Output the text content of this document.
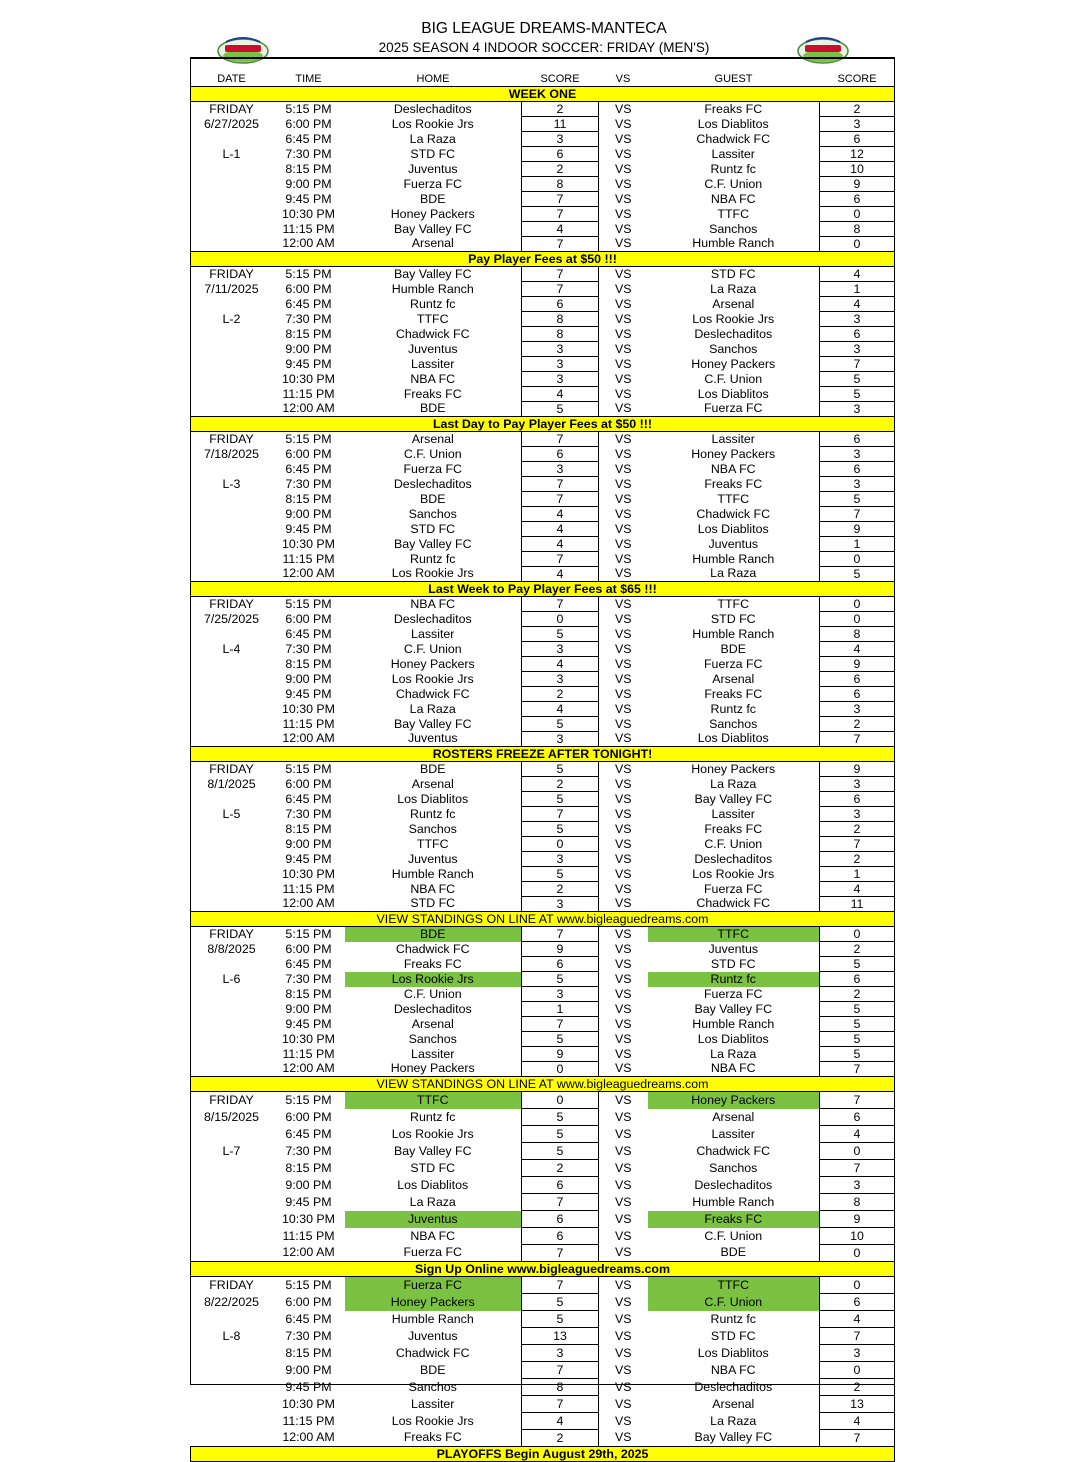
BIG LEAGUE DREAMS-MANTECA
2025 SEASON 4 INDOOR SOCCER: FRIDAY (MEN'S)
DATE	TIME	HOME	SCORE	VS	GUEST	SCORE
WEEK ONE						
FRIDAY	5:15 PM	Deslechaditos	2	VS	Freaks FC	2
6/27/2025	6:00 PM	Los Rookie Jrs	11	VS	Los Diablitos	3
	6:45 PM	La Raza	3	VS	Chadwick FC	6
L-1	7:30 PM	STD FC	6	VS	Lassiter	12
	8:15 PM	Juventus	2	VS	Runtz fc	10
	9:00 PM	Fuerza FC	8	VS	C.F. Union	9
	9:45 PM	BDE	7	VS	NBA FC	6
	10:30 PM	Honey Packers	7	VS	TTFC	0
	11:15 PM	Bay Valley FC	4	VS	Sanchos	8
	12:00 AM	Arsenal	7	VS	Humble Ranch	0
Pay Player Fees at $50 !!!						
FRIDAY	5:15 PM	Bay Valley FC	7	VS	STD FC	4
7/11/2025	6:00 PM	Humble Ranch	7	VS	La Raza	1
	6:45 PM	Runtz fc	6	VS	Arsenal	4
L-2	7:30 PM	TTFC	8	VS	Los Rookie Jrs	3
	8:15 PM	Chadwick FC	8	VS	Deslechaditos	6
	9:00 PM	Juventus	3	VS	Sanchos	3
	9:45 PM	Lassiter	3	VS	Honey Packers	7
	10:30 PM	NBA FC	3	VS	C.F. Union	5
	11:15 PM	Freaks FC	4	VS	Los Diablitos	5
	12:00 AM	BDE	5	VS	Fuerza FC	3
Last Day to Pay Player Fees at $50 !!!						
FRIDAY	5:15 PM	Arsenal	7	VS	Lassiter	6
7/18/2025	6:00 PM	C.F. Union	6	VS	Honey Packers	3
	6:45 PM	Fuerza FC	3	VS	NBA FC	6
L-3	7:30 PM	Deslechaditos	7	VS	Freaks FC	3
	8:15 PM	BDE	7	VS	TTFC	5
	9:00 PM	Sanchos	4	VS	Chadwick FC	7
	9:45 PM	STD FC	4	VS	Los Diablitos	9
	10:30 PM	Bay Valley FC	4	VS	Juventus	1
	11:15 PM	Runtz fc	7	VS	Humble Ranch	0
	12:00 AM	Los Rookie Jrs	4	VS	La Raza	5
Last Week to Pay Player Fees at $65 !!!						
FRIDAY	5:15 PM	NBA FC	7	VS	TTFC	0
7/25/2025	6:00 PM	Deslechaditos	0	VS	STD FC	0
	6:45 PM	Lassiter	5	VS	Humble Ranch	8
L-4	7:30 PM	C.F. Union	3	VS	BDE	4
	8:15 PM	Honey Packers	4	VS	Fuerza FC	9
	9:00 PM	Los Rookie Jrs	3	VS	Arsenal	6
	9:45 PM	Chadwick FC	2	VS	Freaks FC	6
	10:30 PM	La Raza	4	VS	Runtz fc	3
	11:15 PM	Bay Valley FC	5	VS	Sanchos	2
	12:00 AM	Juventus	3	VS	Los Diablitos	7
ROSTERS FREEZE AFTER TONIGHT!						
FRIDAY	5:15 PM	BDE	5	VS	Honey Packers	9
8/1/2025	6:00 PM	Arsenal	2	VS	La Raza	3
	6:45 PM	Los Diablitos	5	VS	Bay Valley FC	6
L-5	7:30 PM	Runtz fc	7	VS	Lassiter	3
	8:15 PM	Sanchos	5	VS	Freaks FC	2
	9:00 PM	TTFC	0	VS	C.F. Union	7
	9:45 PM	Juventus	3	VS	Deslechaditos	2
	10:30 PM	Humble Ranch	5	VS	Los Rookie Jrs	1
	11:15 PM	NBA FC	2	VS	Fuerza FC	4
	12:00 AM	STD FC	3	VS	Chadwick FC	11
VIEW STANDINGS ON LINE AT www.bigleaguedreams.com						
FRIDAY	5:15 PM	BDE	7	VS	TTFC	0
8/8/2025	6:00 PM	Chadwick FC	9	VS	Juventus	2
	6:45 PM	Freaks FC	6	VS	STD FC	5
L-6	7:30 PM	Los Rookie Jrs	5	VS	Runtz fc	6
	8:15 PM	C.F. Union	3	VS	Fuerza FC	2
	9:00 PM	Deslechaditos	1	VS	Bay Valley FC	5
	9:45 PM	Arsenal	7	VS	Humble Ranch	5
	10:30 PM	Sanchos	5	VS	Los Diablitos	5
	11:15 PM	Lassiter	9	VS	La Raza	5
	12:00 AM	Honey Packers	0	VS	NBA FC	7
VIEW STANDINGS ON LINE AT www.bigleaguedreams.com						
FRIDAY	5:15 PM	TTFC	0	VS	Honey Packers	7
8/15/2025	6:00 PM	Runtz fc	5	VS	Arsenal	6
	6:45 PM	Los Rookie Jrs	5	VS	Lassiter	4
L-7	7:30 PM	Bay Valley FC	5	VS	Chadwick FC	0
	8:15 PM	STD FC	2	VS	Sanchos	7
	9:00 PM	Los Diablitos	6	VS	Deslechaditos	3
	9:45 PM	La Raza	7	VS	Humble Ranch	8
	10:30 PM	Juventus	6	VS	Freaks FC	9
	11:15 PM	NBA FC	6	VS	C.F. Union	10
	12:00 AM	Fuerza FC	7	VS	BDE	0
Sign Up Online www.bigleaguedreams.com						
FRIDAY	5:15 PM	Fuerza FC	7	VS	TTFC	0
8/22/2025	6:00 PM	Honey Packers	5	VS	C.F. Union	6
	6:45 PM	Humble Ranch	5	VS	Runtz fc	4
L-8	7:30 PM	Juventus	13	VS	STD FC	7
	8:15 PM	Chadwick FC	3	VS	Los Diablitos	3
	9:00 PM	BDE	7	VS	NBA FC	0
	9:45 PM	Sanchos	8	VS	Deslechaditos	2
	10:30 PM	Lassiter	7	VS	Arsenal	13
	11:15 PM	Los Rookie Jrs	4	VS	La Raza	4
	12:00 AM	Freaks FC	2	VS	Bay Valley FC	7
PLAYOFFS Begin August 29th, 2025						
